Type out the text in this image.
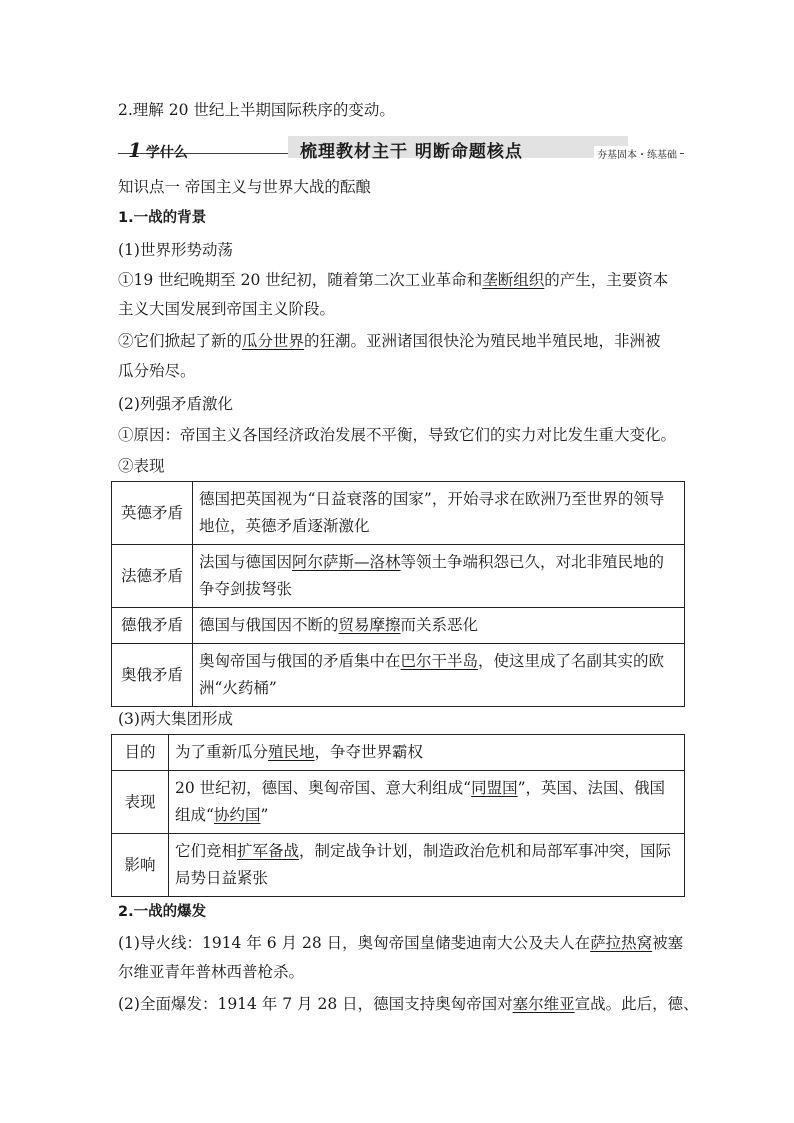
2.理解 20 世纪上半期国际秩序的变动。
1 学什么	梳理教材主干 明断命题核点	夯基固本・练基础
知识点一 帝国主义与世界大战的酝酿
1.一战的背景
(1)世界形势动荡
①19 世纪晚期至 20 世纪初，随着第二次工业革命和垄断组织的产生，主要资本
主义大国发展到帝国主义阶段。
②它们掀起了新的瓜分世界的狂潮。亚洲诸国很快沦为殖民地半殖民地，非洲被
瓜分殆尽。
(2)列强矛盾激化
①原因：帝国主义各国经济政治发展不平衡，导致它们的实力对比发生重大变化。
②表现
英德矛盾	德国把英国视为“日益衰落的国家”，开始寻求在欧洲乃至世界的领导地位，英德矛盾逐渐激化
法德矛盾	法国与德国因阿尔萨斯—洛林等领土争端积怨已久，对北非殖民地的争夺剑拔弩张
德俄矛盾	德国与俄国因不断的贸易摩擦而关系恶化
奥俄矛盾	奥匈帝国与俄国的矛盾集中在巴尔干半岛，使这里成了名副其实的欧洲“火药桶”
(3)两大集团形成
目的	为了重新瓜分殖民地，争夺世界霸权
表现	20 世纪初，德国、奥匈帝国、意大利组成“同盟国”，英国、法国、俄国组成“协约国”
影响	它们竞相扩军备战，制定战争计划，制造政治危机和局部军事冲突，国际局势日益紧张
2.一战的爆发
(1)导火线：1914 年 6 月 28 日，奥匈帝国皇储斐迪南大公及夫人在萨拉热窝被塞
尔维亚青年普林西普枪杀。
(2)全面爆发：1914 年 7 月 28 日，德国支持奥匈帝国对塞尔维亚宣战。此后，德、
